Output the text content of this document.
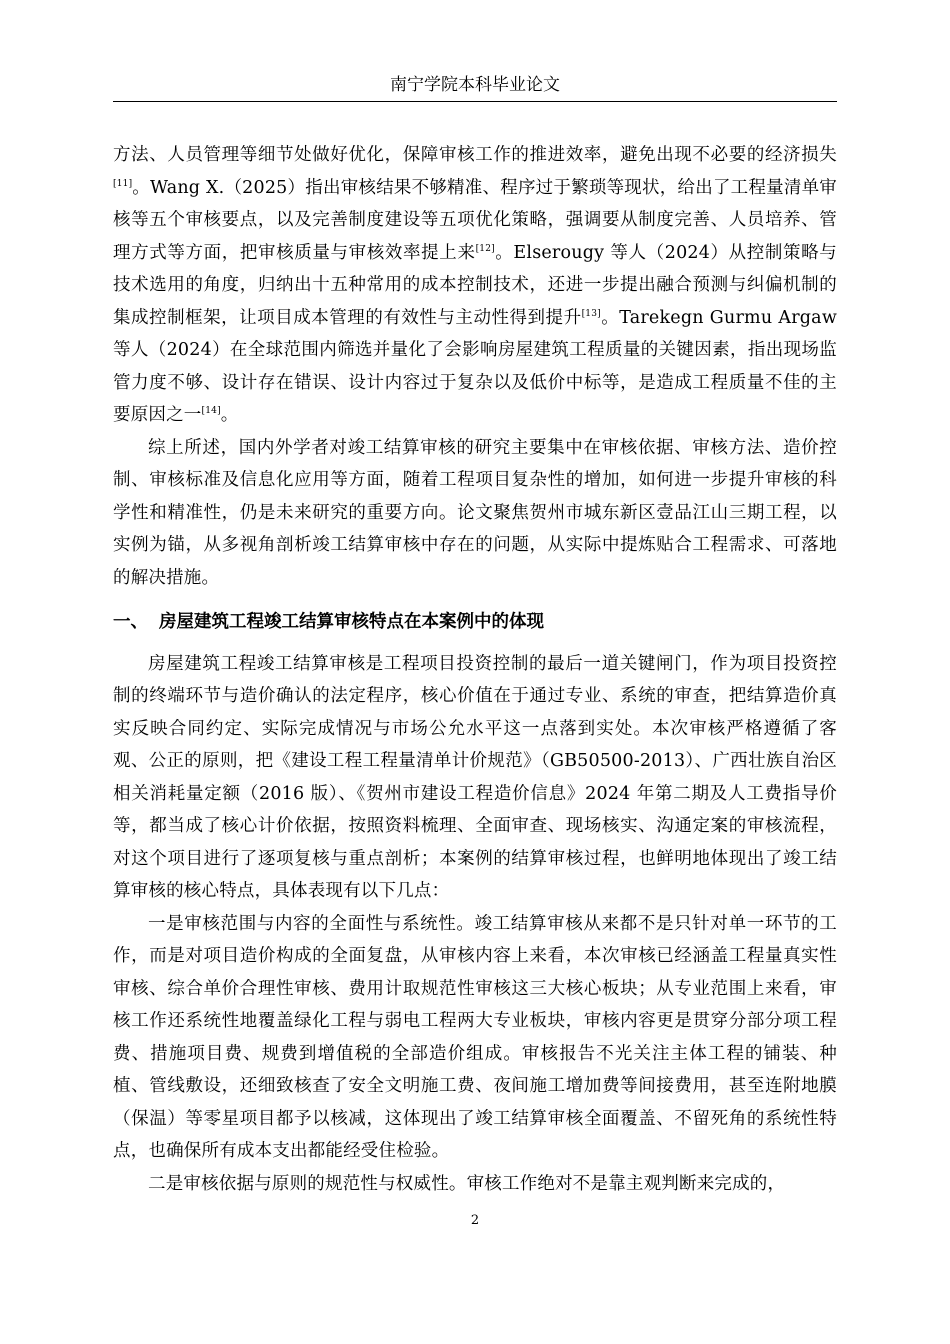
南宁学院本科毕业论文

方法、人员管理等细节处做好优化，保障审核工作的推进效率，避免出现不必要的经济损失[11]。Wang X.（2025）指出审核结果不够精准、程序过于繁琐等现状，给出了工程量清单审核等五个审核要点，以及完善制度建设等五项优化策略，强调要从制度完善、人员培养、管理方式等方面，把审核质量与审核效率提上来[12]。Elserougy 等人（2024）从控制策略与技术选用的角度，归纳出十五种常用的成本控制技术，还进一步提出融合预测与纠偏机制的集成控制框架，让项目成本管理的有效性与主动性得到提升[13]。Tarekegn Gurmu Argaw 等人（2024）在全球范围内筛选并量化了会影响房屋建筑工程质量的关键因素，指出现场监管力度不够、设计存在错误、设计内容过于复杂以及低价中标等，是造成工程质量不佳的主要原因之一[14]。

综上所述，国内外学者对竣工结算审核的研究主要集中在审核依据、审核方法、造价控制、审核标准及信息化应用等方面，随着工程项目复杂性的增加，如何进一步提升审核的科学性和精准性，仍是未来研究的重要方向。论文聚焦贺州市城东新区壹品江山三期工程，以实例为锚，从多视角剖析竣工结算审核中存在的问题，从实际中提炼贴合工程需求、可落地的解决措施。

一、 房屋建筑工程竣工结算审核特点在本案例中的体现

房屋建筑工程竣工结算审核是工程项目投资控制的最后一道关键闸门，作为项目投资控制的终端环节与造价确认的法定程序，核心价值在于通过专业、系统的审查，把结算造价真实反映合同约定、实际完成情况与市场公允水平这一点落到实处。本次审核严格遵循了客观、公正的原则，把《建设工程工程量清单计价规范》（GB50500-2013）、广西壮族自治区相关消耗量定额（2016 版）、《贺州市建设工程造价信息》2024 年第二期及人工费指导价等，都当成了核心计价依据，按照资料梳理、全面审查、现场核实、沟通定案的审核流程，对这个项目进行了逐项复核与重点剖析；本案例的结算审核过程，也鲜明地体现出了竣工结算审核的核心特点，具体表现有以下几点：

一是审核范围与内容的全面性与系统性。竣工结算审核从来都不是只针对单一环节的工作，而是对项目造价构成的全面复盘，从审核内容上来看，本次审核已经涵盖工程量真实性审核、综合单价合理性审核、费用计取规范性审核这三大核心板块；从专业范围上来看，审核工作还系统性地覆盖绿化工程与弱电工程两大专业板块，审核内容更是贯穿分部分项工程费、措施项目费、规费到增值税的全部造价组成。审核报告不光关注主体工程的铺装、种植、管线敷设，还细致核查了安全文明施工费、夜间施工增加费等间接费用，甚至连附地膜（保温）等零星项目都予以核减，这体现出了竣工结算审核全面覆盖、不留死角的系统性特点，也确保所有成本支出都能经受住检验。

二是审核依据与原则的规范性与权威性。审核工作绝对不是靠主观判断来完成的，

2
